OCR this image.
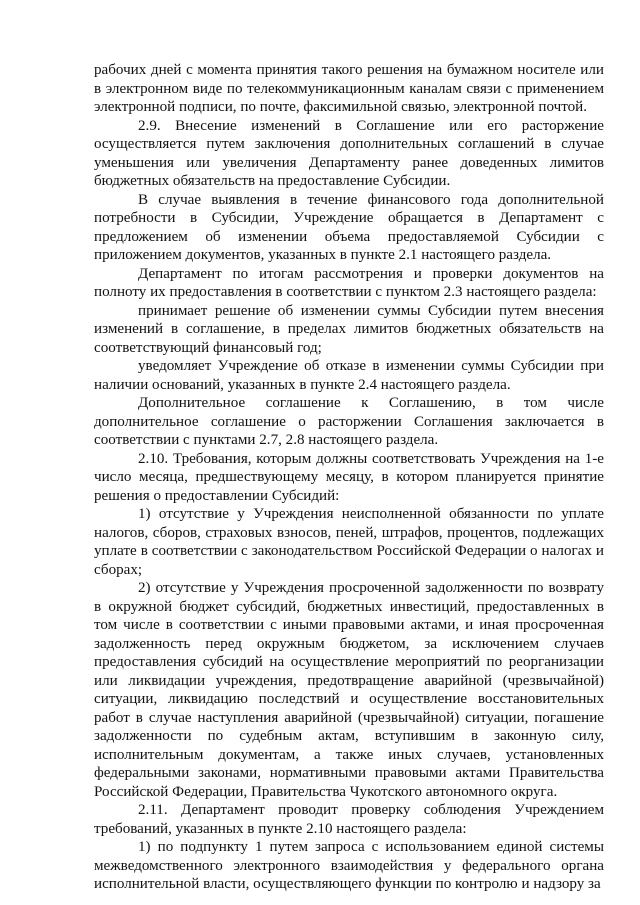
рабочих дней с момента принятия такого решения на бумажном носителе или в электронном виде по телекоммуникационным каналам связи с применением электронной подписи, по почте, факсимильной связью, электронной почтой.

2.9. Внесение изменений в Соглашение или его расторжение осуществляется путем заключения дополнительных соглашений в случае уменьшения или увеличения Департаменту ранее доведенных лимитов бюджетных обязательств на предоставление Субсидии.

В случае выявления в течение финансового года дополнительной потребности в Субсидии, Учреждение обращается в Департамент с предложением об изменении объема предоставляемой Субсидии с приложением документов, указанных в пункте 2.1 настоящего раздела.

Департамент по итогам рассмотрения и проверки документов на полноту их предоставления в соответствии с пунктом 2.3 настоящего раздела:

принимает решение об изменении суммы Субсидии путем внесения изменений в соглашение, в пределах лимитов бюджетных обязательств на соответствующий финансовый год;

уведомляет Учреждение об отказе в изменении суммы Субсидии при наличии оснований, указанных в пункте 2.4 настоящего раздела.

Дополнительное соглашение к Соглашению, в том числе дополнительное соглашение о расторжении Соглашения заключается в соответствии с пунктами 2.7, 2.8 настоящего раздела.

2.10. Требования, которым должны соответствовать Учреждения на 1-е число месяца, предшествующему месяцу, в котором планируется принятие решения о предоставлении Субсидий:

1) отсутствие у Учреждения неисполненной обязанности по уплате налогов, сборов, страховых взносов, пеней, штрафов, процентов, подлежащих уплате в соответствии с законодательством Российской Федерации о налогах и сборах;

2) отсутствие у Учреждения просроченной задолженности по возврату в окружной бюджет субсидий, бюджетных инвестиций, предоставленных в том числе в соответствии с иными правовыми актами, и иная просроченная задолженность перед окружным бюджетом, за исключением случаев предоставления субсидий на осуществление мероприятий по реорганизации или ликвидации учреждения, предотвращение аварийной (чрезвычайной) ситуации, ликвидацию последствий и осуществление восстановительных работ в случае наступления аварийной (чрезвычайной) ситуации, погашение задолженности по судебным актам, вступившим в законную силу, исполнительным документам, а также иных случаев, установленных федеральными законами, нормативными правовыми актами Правительства Российской Федерации, Правительства Чукотского автономного округа.

2.11. Департамент проводит проверку соблюдения Учреждением требований, указанных в пункте 2.10 настоящего раздела:

1) по подпункту 1 путем запроса с использованием единой системы межведомственного электронного взаимодействия у федерального органа исполнительной власти, осуществляющего функции по контролю и надзору за
